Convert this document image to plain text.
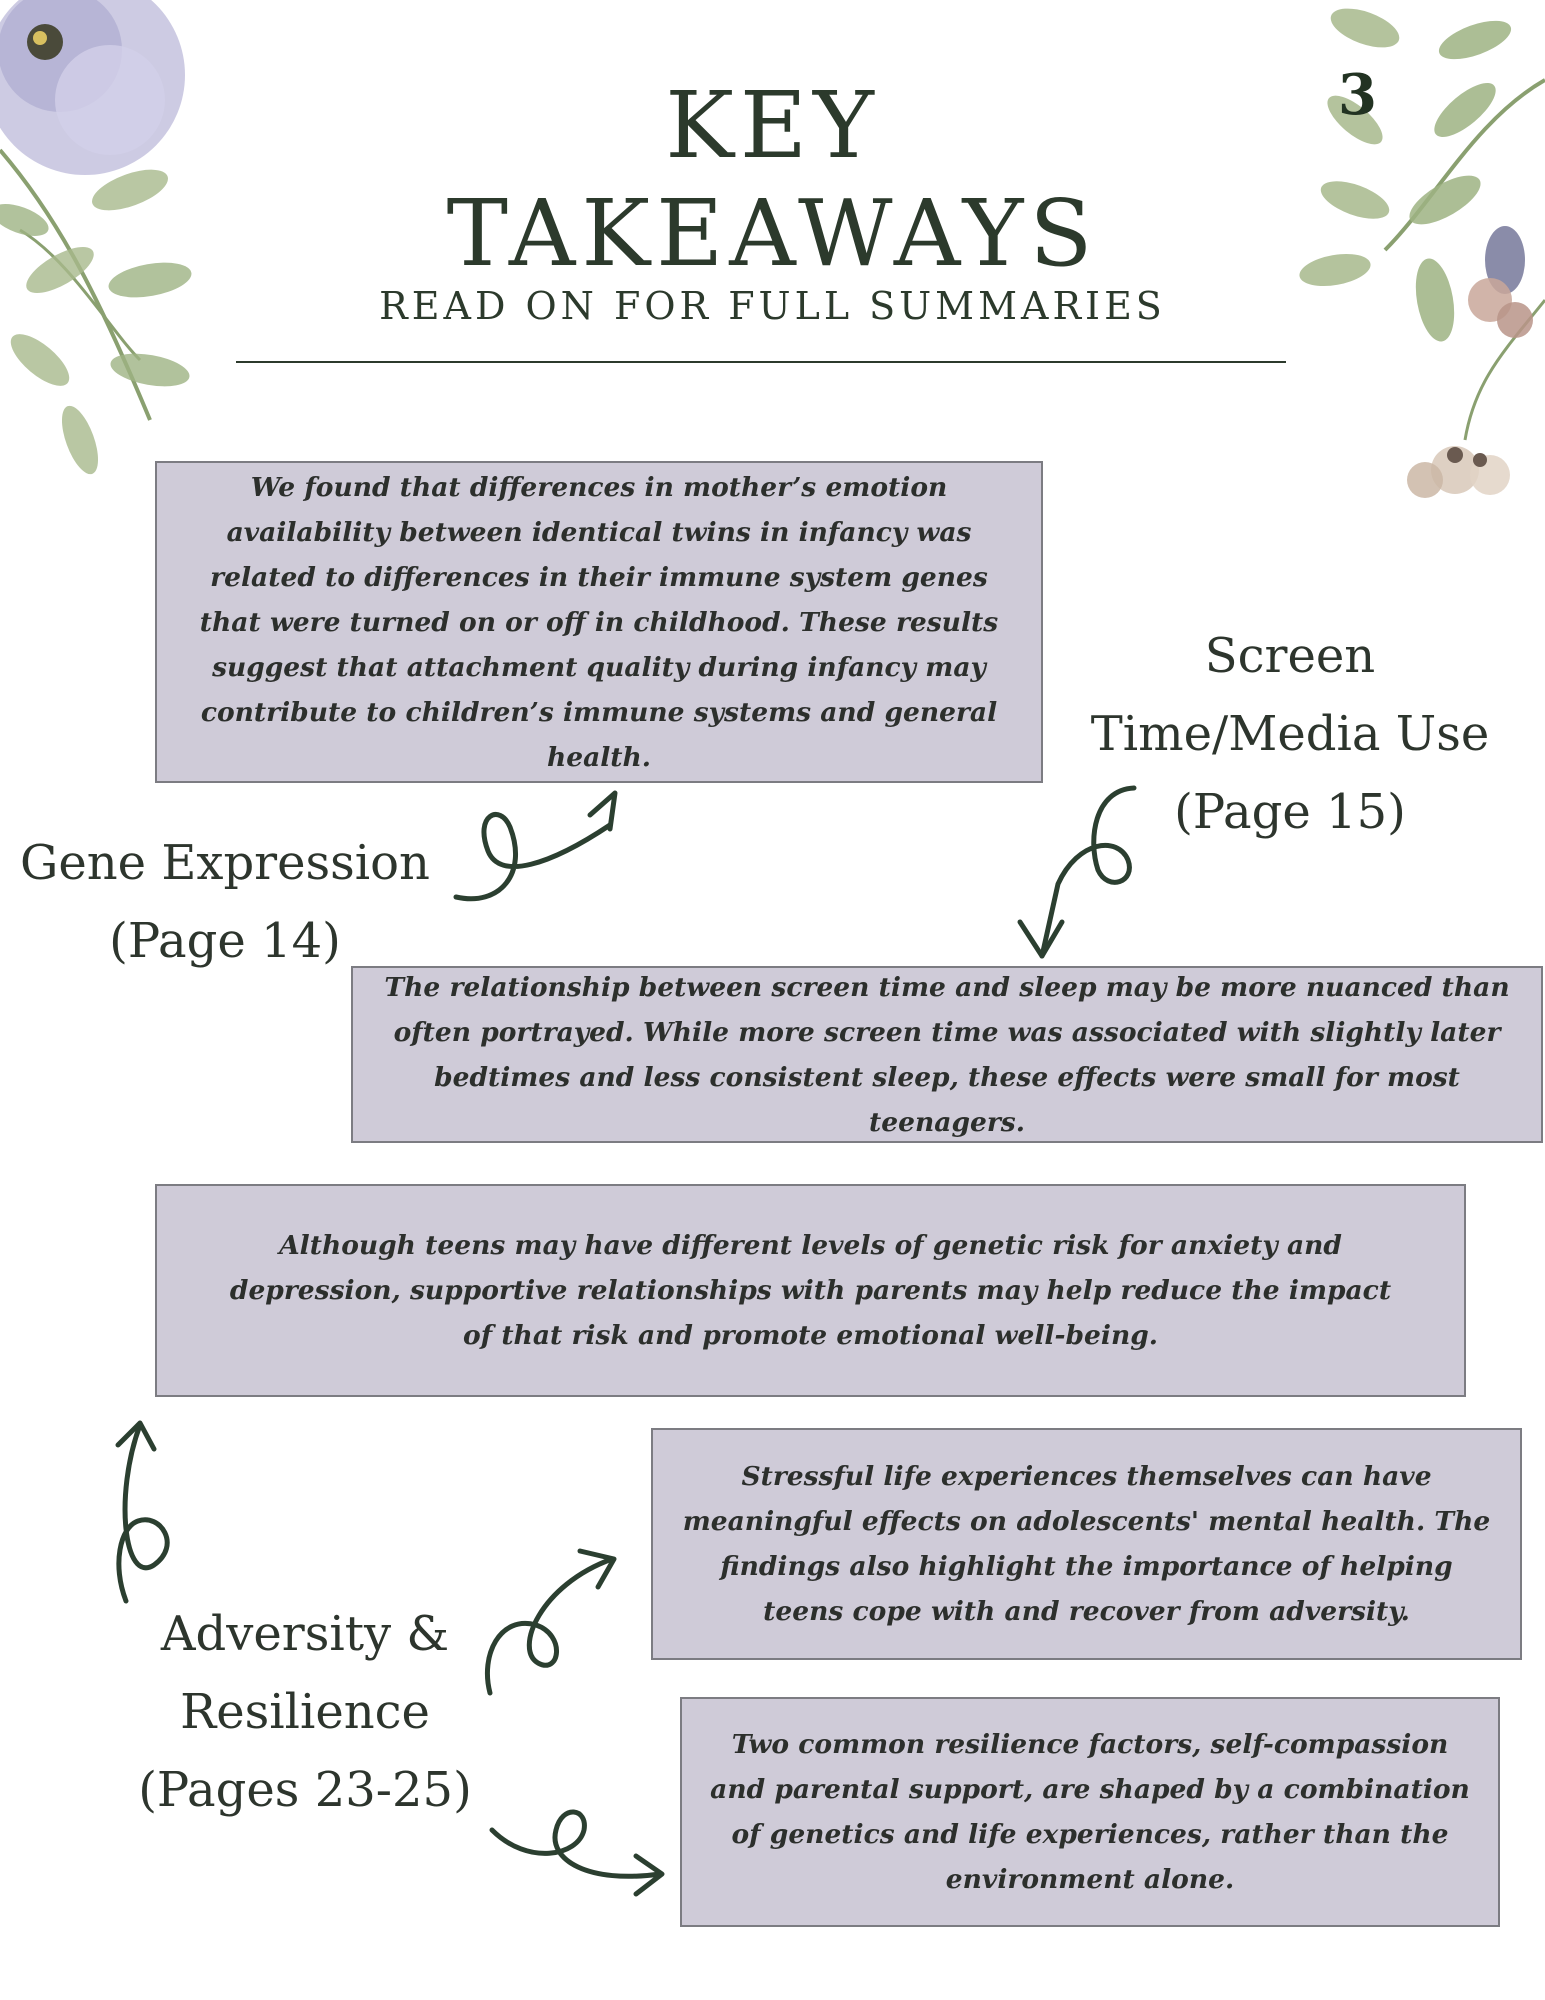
3
KEY
TAKEAWAYS
READ ON FOR FULL SUMMARIES
We found that differences in mother’s emotion availability between identical twins in infancy was related to differences in their immune system genes that were turned on or off in childhood. These results suggest that attachment quality during infancy may contribute to children’s immune systems and general health.
Screen
Time/Media Use
(Page 15)
Gene Expression
(Page 14)
The relationship between screen time and sleep may be more nuanced than often portrayed. While more screen time was associated with slightly later bedtimes and less consistent sleep, these effects were small for most teenagers.
Although teens may have different levels of genetic risk for anxiety and depression, supportive relationships with parents may help reduce the impact of that risk and promote emotional well-being.
Stressful life experiences themselves can have meaningful effects on adolescents' mental health. The findings also highlight the importance of helping teens cope with and recover from adversity.
Adversity &
Resilience
(Pages 23-25)
Two common resilience factors, self-compassion and parental support, are shaped by a combination of genetics and life experiences, rather than the environment alone.
